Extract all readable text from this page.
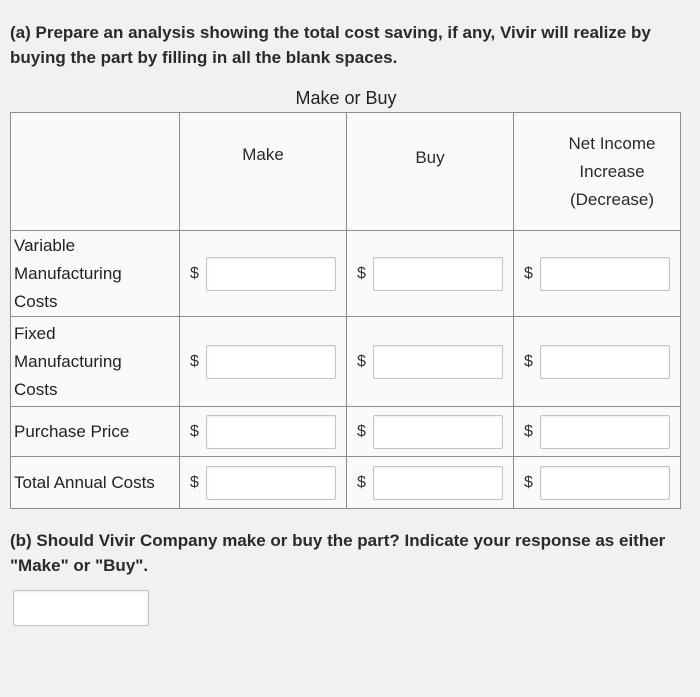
(a) Prepare an analysis showing the total cost saving, if any, Vivir will realize by buying the part by filling in all the blank spaces.
Make or Buy
	Make	Buy	Net Income
Increase
(Decrease)

Variable
Manufacturing
Costs	$	$	$

Fixed
Manufacturing
Costs	$	$	$

Purchase Price	$	$	$

Total Annual Costs	$	$	$
(b) Should Vivir Company make or buy the part? Indicate your response as either "Make" or "Buy".
